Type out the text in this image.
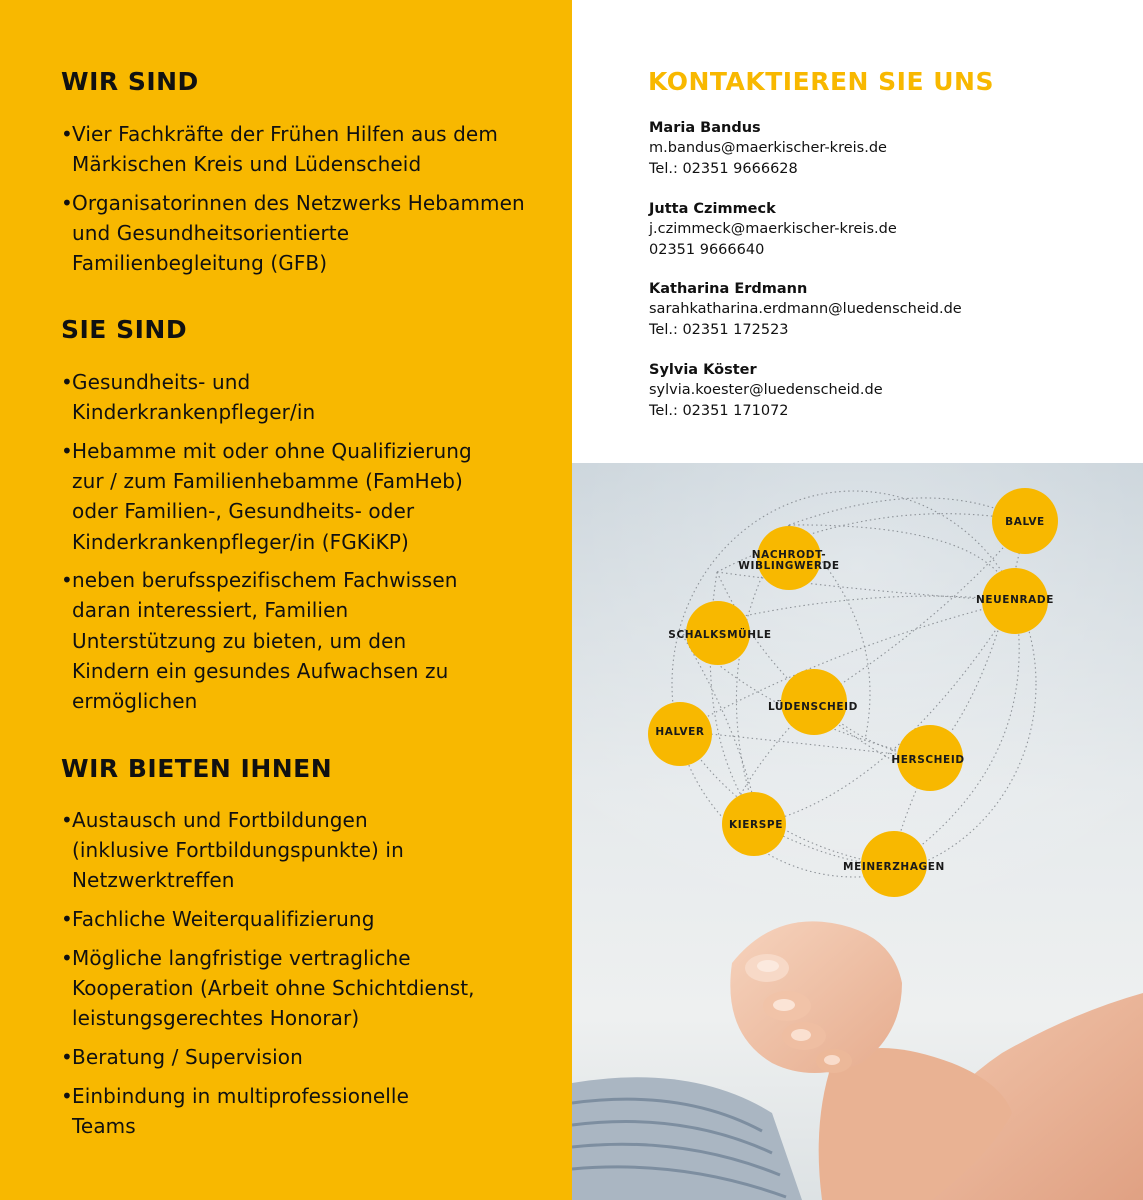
WIR SIND
• Vier Fachkräfte der Frühen Hilfen aus dem Märkischen Kreis und Lüdenscheid
• Organisatorinnen des Netzwerks Hebammen und Gesundheitsorientierte Familienbegleitung (GFB)
SIE SIND
• Gesundheits- und Kinderkrankenpfleger/in
• Hebamme mit oder ohne Qualifizierung zur / zum Familienhebamme (FamHeb) oder Familien-, Gesundheits- oder Kinderkrankenpfleger/in (FGKiKP)
• neben berufsspezifischem Fachwissen daran interessiert, Familien Unterstützung zu bieten, um den Kindern ein gesundes Aufwachsen zu ermöglichen
WIR BIETEN IHNEN
• Austausch und Fortbildungen (inklusive Fortbildungspunkte) in Netzwerktreffen
• Fachliche Weiterqualifizierung
• Mögliche langfristige vertragliche Kooperation (Arbeit ohne Schichtdienst, leistungsgerechtes Honorar)
• Beratung / Supervision
• Einbindung in multiprofessionelle Teams
KONTAKTIEREN SIE UNS
Maria Bandus
m.bandus@maerkischer-kreis.de
Tel.: 02351 9666628
Jutta Czimmeck
j.czimmeck@maerkischer-kreis.de
02351 9666640
Katharina Erdmann
sarahkatharina.erdmann@luedenscheid.de
Tel.: 02351 172523
Sylvia Köster
sylvia.koester@luedenscheid.de
Tel.: 02351 171072
BALVE
NACHRODT-WIBLINGWERDE
NEUENRADE
SCHALKSMÜHLE
LÜDENSCHEID
HALVER
HERSCHEID
KIERSPE
MEINERZHAGEN
